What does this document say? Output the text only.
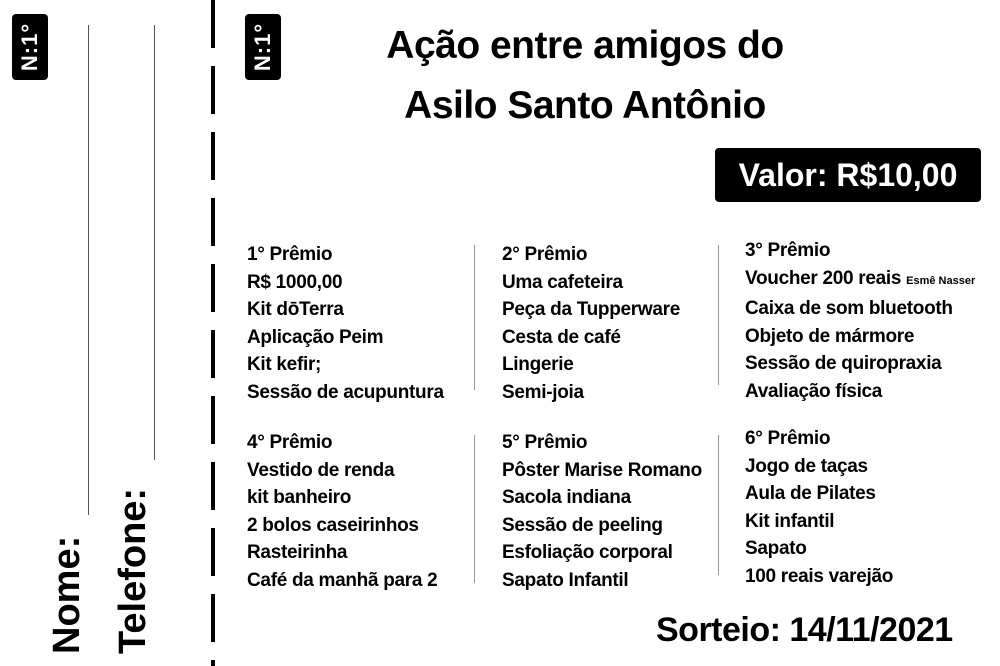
N:1°
Nome: Telefone:
N:1°	Ação entre amigos do
Asilo Santo Antônio
Valor: R$10,00
1° Prêmio
R$ 1000,00
Kit dōTerra
Aplicação Peim
Kit kefir;
Sessão de acupuntura
2° Prêmio
Uma cafeteira
Peça da Tupperware
Cesta de café
Lingerie
Semi-joia
3° Prêmio
Voucher 200 reais Esmê Nasser
Caixa de som bluetooth
Objeto de mármore
Sessão de quiropraxia
Avaliação física
4° Prêmio
Vestido de renda
kit banheiro
2 bolos caseirinhos
Rasteirinha
Café da manhã para 2
5° Prêmio
Pôster Marise Romano
Sacola indiana
Sessão de peeling
Esfoliação corporal
Sapato Infantil
6° Prêmio
Jogo de taças
Aula de Pilates
Kit infantil
Sapato
100 reais varejão
Sorteio: 14/11/2021
